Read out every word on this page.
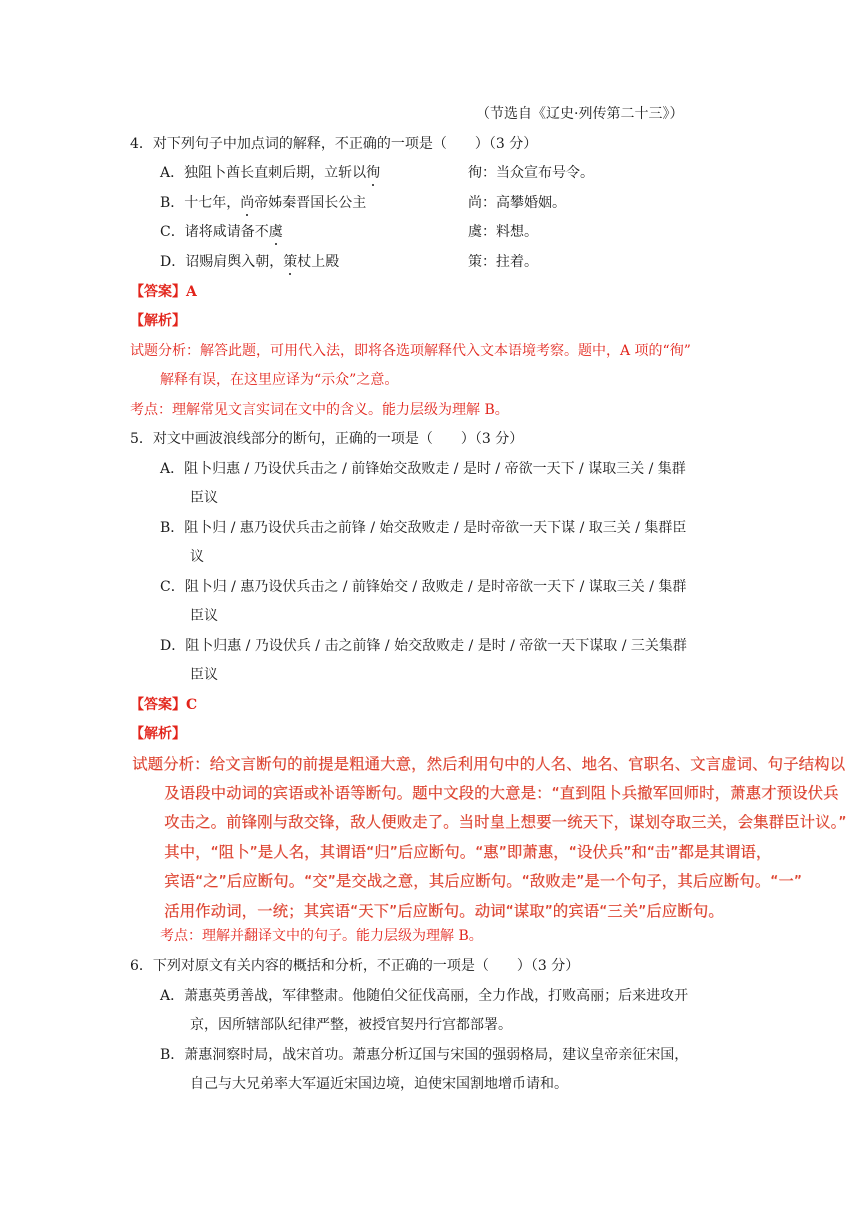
（节选自《辽史·列传第二十三》）
4．对下列句子中加点词的解释，不正确的一项是（　　）（3 分）
A．独阻卜酋长直刺后期，立斩以徇	徇：当众宣布号令。
B．十七年，尚帝姊秦晋国长公主	尚：高攀婚姻。
C．诸将咸请备不虞	虞：料想。
D．诏赐肩舆入朝，策杖上殿	策：拄着。
【答案】A
【解析】
试题分析：解答此题，可用代入法，即将各选项解释代入文本语境考察。题中，A 项的“徇”
解释有误，在这里应译为“示众”之意。
考点：理解常见文言实词在文中的含义。能力层级为理解 B。
5．对文中画波浪线部分的断句，正确的一项是（　　）（3 分）
A．阻卜归惠 / 乃设伏兵击之 / 前锋始交敌败走 / 是时 / 帝欲一天下 / 谋取三关 / 集群
臣议
B．阻卜归 / 惠乃设伏兵击之前锋 / 始交敌败走 / 是时帝欲一天下谋 / 取三关 / 集群臣
议
C．阻卜归 / 惠乃设伏兵击之 / 前锋始交 / 敌败走 / 是时帝欲一天下 / 谋取三关 / 集群
臣议
D．阻卜归惠 / 乃设伏兵 / 击之前锋 / 始交敌败走 / 是时 / 帝欲一天下谋取 / 三关集群
臣议
【答案】C
【解析】
试题分析：给文言断句的前提是粗通大意，然后利用句中的人名、地名、官职名、文言虚词、句子结构以
及语段中动词的宾语或补语等断句。题中文段的大意是：“直到阻卜兵撤军回师时，萧惠才预设伏兵
攻击之。前锋刚与敌交锋，敌人便败走了。当时皇上想要一统天下，谋划夺取三关，会集群臣计议。”
其中，“阻卜”是人名，其谓语“归”后应断句。“惠”即萧惠，“设伏兵”和“击”都是其谓语，
宾语“之”后应断句。“交”是交战之意，其后应断句。“敌败走”是一个句子，其后应断句。“一”
活用作动词，一统；其宾语“天下”后应断句。动词“谋取”的宾语“三关”后应断句。
考点：理解并翻译文中的句子。能力层级为理解 B。
6．下列对原文有关内容的概括和分析，不正确的一项是（　　）（3 分）
A．萧惠英勇善战，军律整肃。他随伯父征伐高丽，全力作战，打败高丽；后来进攻开
京，因所辖部队纪律严整，被授官契丹行宫都部署。
B．萧惠洞察时局，战宋首功。萧惠分析辽国与宋国的强弱格局，建议皇帝亲征宋国，
自己与大兄弟率大军逼近宋国边境，迫使宋国割地增币请和。
